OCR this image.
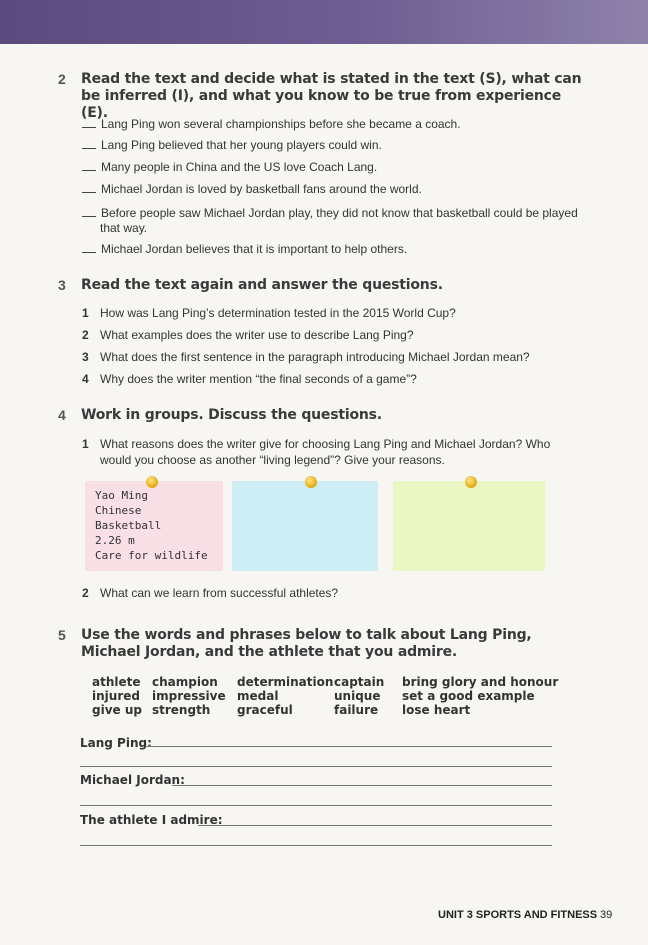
2 Read the text and decide what is stated in the text (S), what can be inferred (I), and what you know to be true from experience (E).
Lang Ping won several championships before she became a coach.
Lang Ping believed that her young players could win.
Many people in China and the US love Coach Lang.
Michael Jordan is loved by basketball fans around the world.
Before people saw Michael Jordan play, they did not know that basketball could be played that way.
Michael Jordan believes that it is important to help others.
3 Read the text again and answer the questions.
1 How was Lang Ping’s determination tested in the 2015 World Cup?
2 What examples does the writer use to describe Lang Ping?
3 What does the first sentence in the paragraph introducing Michael Jordan mean?
4 Why does the writer mention “the final seconds of a game”?
4 Work in groups. Discuss the questions.
1 What reasons does the writer give for choosing Lang Ping and Michael Jordan? Who would you choose as another “living legend”? Give your reasons.
Yao Ming
Chinese
Basketball
2.26 m
Care for wildlife
2 What can we learn from successful athletes?
5 Use the words and phrases below to talk about Lang Ping, Michael Jordan, and the athlete that you admire.
athlete
injured
give up
champion
impressive
strength
determination
medal
graceful
captain
unique
failure
bring glory and honour
set a good example
lose heart
Lang Ping:
Michael Jordan:
The athlete I admire:
UNIT 3 SPORTS AND FITNESS 39
